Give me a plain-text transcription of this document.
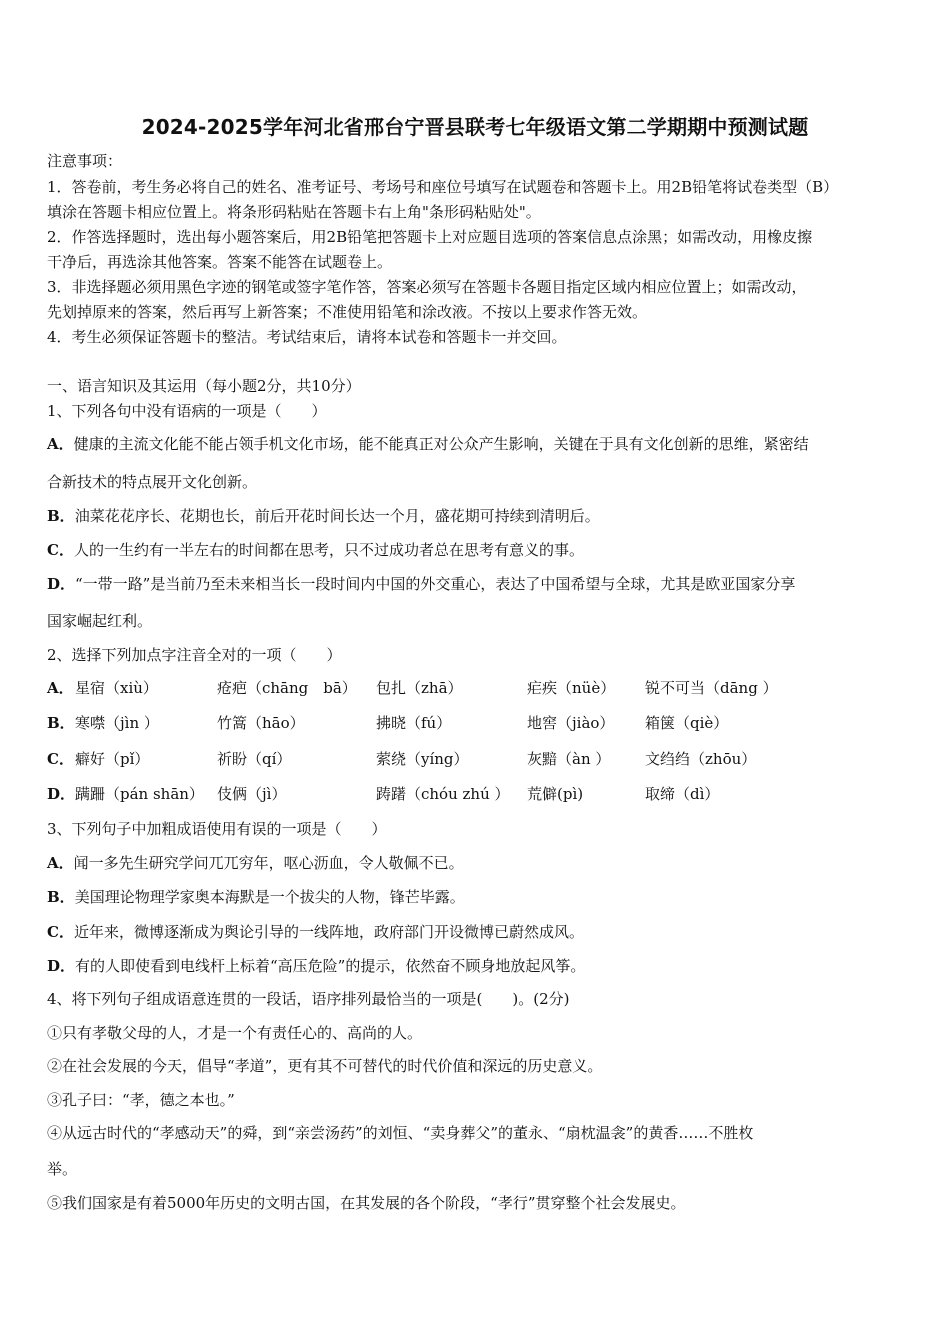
2024-2025学年河北省邢台宁晋县联考七年级语文第二学期期中预测试题
注意事项：
1．答卷前，考生务必将自己的姓名、准考证号、考场号和座位号填写在试题卷和答题卡上。用2B铅笔将试卷类型（B）
填涂在答题卡相应位置上。将条形码粘贴在答题卡右上角"条形码粘贴处"。
2．作答选择题时，选出每小题答案后，用2B铅笔把答题卡上对应题目选项的答案信息点涂黑；如需改动，用橡皮擦
干净后，再选涂其他答案。答案不能答在试题卷上。
3．非选择题必须用黑色字迹的钢笔或签字笔作答，答案必须写在答题卡各题目指定区域内相应位置上；如需改动，
先划掉原来的答案，然后再写上新答案；不准使用铅笔和涂改液。不按以上要求作答无效。
4．考生必须保证答题卡的整洁。考试结束后，请将本试卷和答题卡一并交回。
一、语言知识及其运用（每小题2分，共10分）
1、下列各句中没有语病的一项是（　　）
A．健康的主流文化能不能占领手机文化市场，能不能真正对公众产生影响，关键在于具有文化创新的思维，紧密结
合新技术的特点展开文化创新。
B．油菜花花序长、花期也长，前后开花时间长达一个月，盛花期可持续到清明后。
C．人的一生约有一半左右的时间都在思考，只不过成功者总在思考有意义的事。
D．“一带一路”是当前乃至未来相当长一段时间内中国的外交重心，表达了中国希望与全球，尤其是欧亚国家分享
国家崛起红利。
2、选择下列加点字注音全对的一项（　　）
A． 星宿（xiù）	疮疤（chāng　bā） 包扎（zhā）	疟疾（nüè） 锐不可当（dāng ）
B． 寒噤（jìn ）	竹篙（hāo）	拂晓（fú）	地窖（jiào） 箱箧（qiè）
C． 癖好（pǐ）	祈盼（qí）	萦绕（yíng）	灰黯（àn ） 文绉绉（zhōu）
D． 蹒跚（pán shān） 伎俩（jì）	踌躇（chóu zhú ） 荒僻(pì)	取缔（dì）
3、下列句子中加粗成语使用有误的一项是（　　）
A．闻一多先生研究学问兀兀穷年，呕心沥血，令人敬佩不已。
B．美国理论物理学家奥本海默是一个拔尖的人物，锋芒毕露。
C．近年来，微博逐渐成为舆论引导的一线阵地，政府部门开设微博已蔚然成风。
D．有的人即使看到电线杆上标着“高压危险”的提示，依然奋不顾身地放起风筝。
4、将下列句子组成语意连贯的一段话，语序排列最恰当的一项是(　　)。(2分)
①只有孝敬父母的人，才是一个有责任心的、高尚的人。
②在社会发展的今天，倡导“孝道”，更有其不可替代的时代价值和深远的历史意义。
③孔子曰：“孝，德之本也。”
④从远古时代的“孝感动天”的舜，到“亲尝汤药”的刘恒、“卖身葬父”的董永、“扇枕温衾”的黄香……不胜枚
举。
⑤我们国家是有着5000年历史的文明古国，在其发展的各个阶段，“孝行”贯穿整个社会发展史。
